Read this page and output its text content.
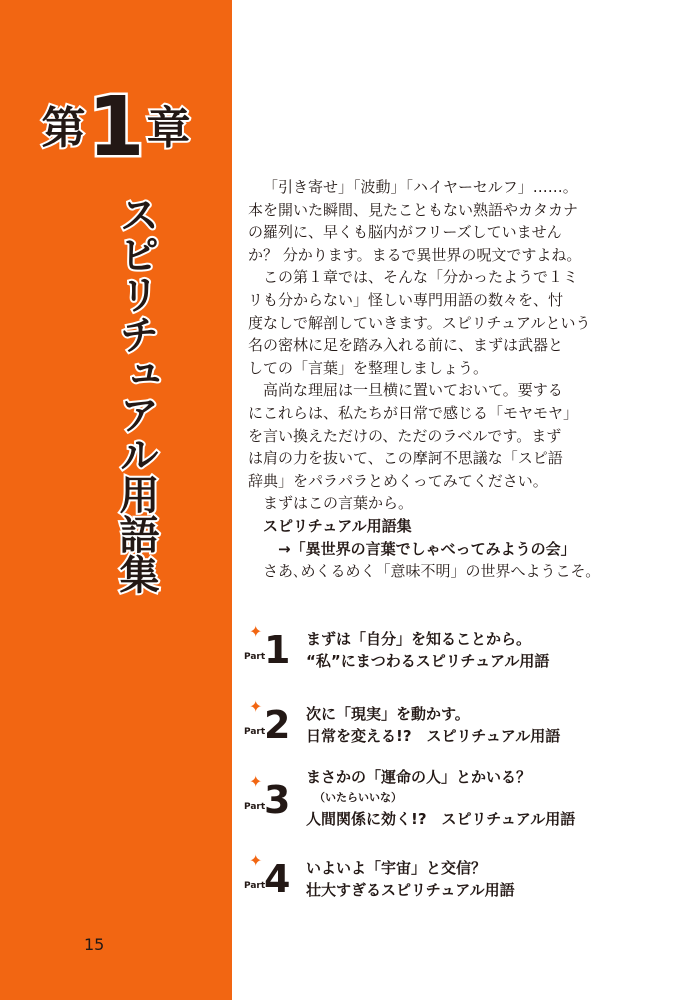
第1章
スピリチュアル用語集
15
「引き寄せ」「波動」「ハイヤーセルフ」……。
本を開いた瞬間、見たこともない熟語やカタカナ
の羅列に、早くも脳内がフリーズしていません
か？ 分かります。まるで異世界の呪文ですよね。
この第１章では、そんな「分かったようで１ミ
リも分からない」怪しい専門用語の数々を、忖
度なしで解剖していきます。スピリチュアルという
名の密林に足を踏み入れる前に、まずは武器と
しての「言葉」を整理しましょう。
高尚な理屈は一旦横に置いておいて。要する
にこれらは、私たちが日常で感じる「モヤモヤ」
を言い換えただけの、ただのラベルです。まず
は肩の力を抜いて、この摩訶不思議な「スピ語
辞典」をパラパラとめくってみてください。
まずはこの言葉から。
スピリチュアル用語集
→「異世界の言葉でしゃべってみようの会」
さあ､めくるめく「意味不明」の世界へようこそ。
✦
Part
1 まずは「自分」を知ることから。
“私”にまつわるスピリチュアル用語
✦
Part
2 次に「現実」を動かす。
日常を変える!?　スピリチュアル用語
✦
Part
3
まさかの「運命の人」とかいる？
（いたらいいな）
人間関係に効く!?　スピリチュアル用語
✦
Part
4 いよいよ「宇宙」と交信？
壮大すぎるスピリチュアル用語
